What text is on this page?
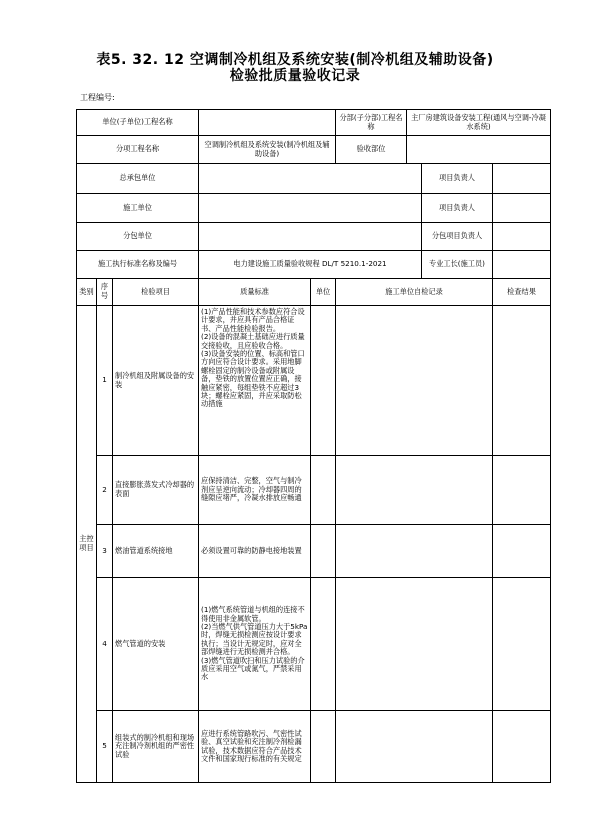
表5. 32. 12 空调制冷机组及系统安装(制冷机组及辅助设备)
检验批质量验收记录
工程编号:
单位(子单位)工程名称					分部(子分部)工程名称
主厂房建筑设备安装工程(通风与空调-冷凝水系统)	

分项工程名称			空调制冷机组及系统安装(制冷机组及辅助设备)		验收部位	

总承包单位			项目负责人			

施工单位			项目负责人			

分包单位			分包项目负责人			

施工执行标准名称及编号			电力建设施工质量验收规程 DL/T 5210.1-2021 专业工长(施工员)			

类别	序号	检验项目	质量标准	单位	施工单位自检记录	检查结果
主控项目	1	制冷机组及附属设备的安装	(1)产品性能和技术参数应符合设计要求，并应具有产品合格证书、产品性能检验报告。
(2)设备的混凝土基础应进行质量交接验收，且应验收合格。
(3)设备安装的位置、标高和管口方向应符合设计要求。采用地脚螺栓固定的制冷设备或附属设备，垫铁的放置位置应正确，接触应紧密，每组垫铁不应超过3块；螺栓应紧固，并应采取防松动措施			
	2	直接膨胀蒸发式冷却器的表面	应保持清洁、完整，空气与制冷剂应呈逆向流动；冷却器四周的缝隙应堵严，冷凝水排放应畅通			
	3	燃油管道系统接地	必须设置可靠的防静电接地装置			
	4	燃气管道的安装	(1)燃气系统管道与机组的连接不得使用非金属软管。
(2)当燃气供气管道压力大于5kPa时，焊缝无损检测应按设计要求执行；当设计无规定时，应对全部焊缝进行无损检测并合格。
(3)燃气管道吹扫和压力试验的介质应采用空气或氮气，严禁采用水			
	5	组装式的制冷机组和现场充注制冷剂机组的严密性试验	应进行系统管路吹污、气密性试验、真空试验和充注制冷剂检漏试验，技术数据应符合产品技术文件和国家现行标准的有关规定			
